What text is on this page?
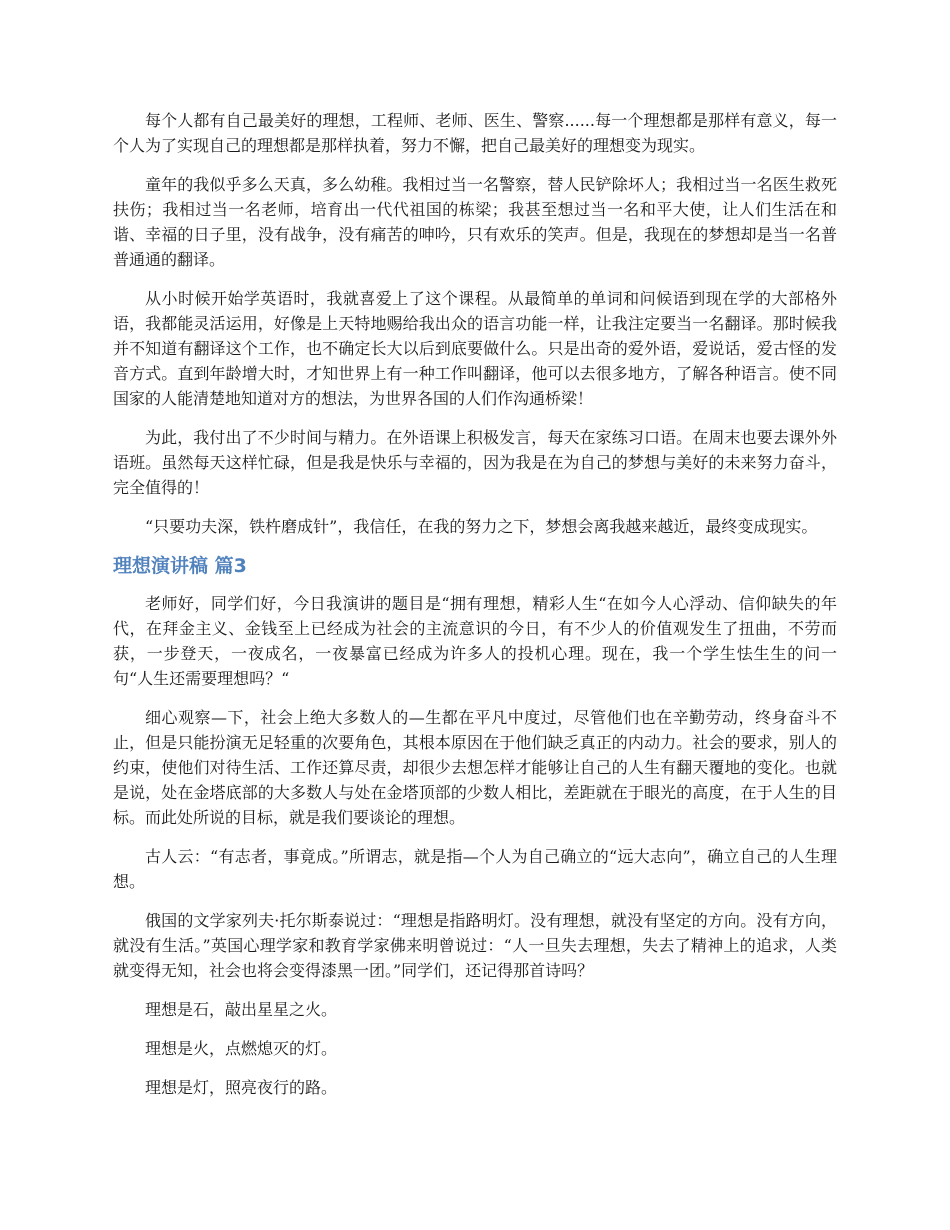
每个人都有自己最美好的理想，工程师、老师、医生、警察......每一个理想都是那样有意义，每一个人为了实现自己的理想都是那样执着，努力不懈，把自己最美好的理想变为现实。

童年的我似乎多么天真，多么幼稚。我相过当一名警察，替人民铲除坏人；我相过当一名医生救死扶伤；我相过当一名老师，培育出一代代祖国的栋梁；我甚至想过当一名和平大使，让人们生活在和谐、幸福的日子里，没有战争，没有痛苦的呻吟，只有欢乐的笑声。但是，我现在的梦想却是当一名普普通通的翻译。

从小时候开始学英语时，我就喜爱上了这个课程。从最简单的单词和问候语到现在学的大部格外语，我都能灵活运用，好像是上天特地赐给我出众的语言功能一样，让我注定要当一名翻译。那时候我并不知道有翻译这个工作，也不确定长大以后到底要做什么。只是出奇的爱外语，爱说话，爱古怪的发音方式。直到年龄增大时，才知世界上有一种工作叫翻译，他可以去很多地方，了解各种语言。使不同国家的人能清楚地知道对方的想法，为世界各国的人们作沟通桥梁！

为此，我付出了不少时间与精力。在外语课上积极发言，每天在家练习口语。在周末也要去课外外语班。虽然每天这样忙碌，但是我是快乐与幸福的，因为我是在为自己的梦想与美好的未来努力奋斗，完全值得的！

“只要功夫深，铁杵磨成针”，我信任，在我的努力之下，梦想会离我越来越近，最终变成现实。

理想演讲稿 篇3

老师好，同学们好，今日我演讲的题目是“拥有理想，精彩人生“在如今人心浮动、信仰缺失的年代，在拜金主义、金钱至上已经成为社会的主流意识的今日，有不少人的价值观发生了扭曲，不劳而获，一步登天，一夜成名，一夜暴富已经成为许多人的投机心理。现在，我一个学生怯生生的问一句“人生还需要理想吗？“

细心观察—下，社会上绝大多数人的—生都在平凡中度过，尽管他们也在辛勤劳动，终身奋斗不止，但是只能扮演无足轻重的次要角色，其根本原因在于他们缺乏真正的内动力。社会的要求，别人的约束，使他们对待生活、工作还算尽责，却很少去想怎样才能够让自己的人生有翻天覆地的变化。也就是说，处在金塔底部的大多数人与处在金塔顶部的少数人相比，差距就在于眼光的高度，在于人生的目标。而此处所说的目标，就是我们要谈论的理想。

古人云：“有志者，事竟成。”所谓志，就是指—个人为自己确立的“远大志向”，确立自己的人生理想。

俄国的文学家列夫·托尔斯泰说过：“理想是指路明灯。没有理想，就没有坚定的方向。没有方向，就没有生活。”英国心理学家和教育学家佛来明曾说过：“人一旦失去理想，失去了精神上的追求，人类就变得无知，社会也将会变得漆黑一团。”同学们，还记得那首诗吗？

理想是石，敲出星星之火。

理想是火，点燃熄灭的灯。

理想是灯，照亮夜行的路。
